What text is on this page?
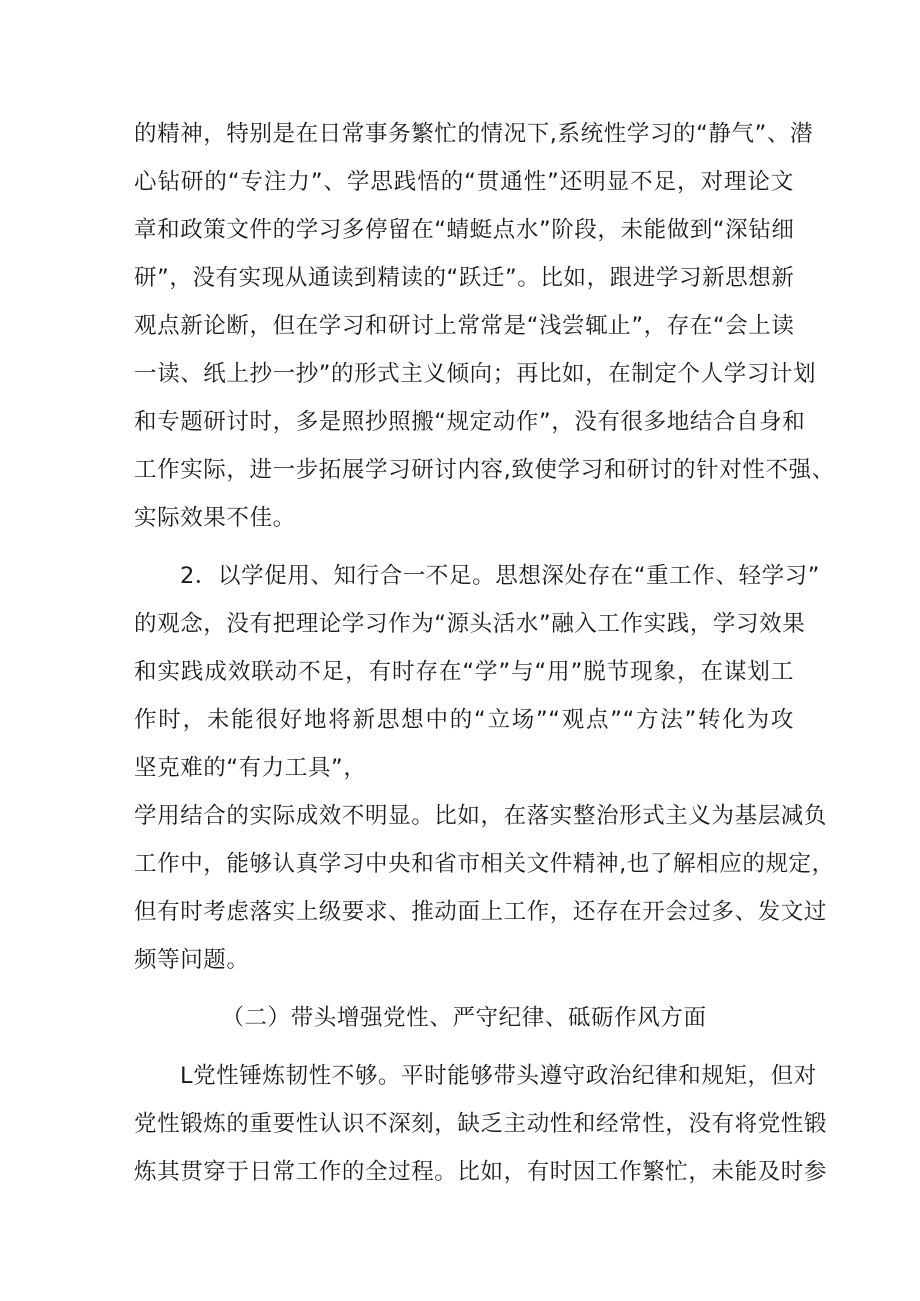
的精神，特别是在日常事务繁忙的情况下,系统性学习的“静气”、潜
心钻研的“专注力”、学思践悟的“贯通性”还明显不足，对理论文
章和政策文件的学习多停留在“蜻蜓点水”阶段，未能做到“深钻细
研”，没有实现从通读到精读的“跃迁”。比如，跟进学习新思想新
观点新论断，但在学习和研讨上常常是“浅尝辄止”，存在“会上读
一读、纸上抄一抄”的形式主义倾向；再比如，在制定个人学习计划
和专题研讨时，多是照抄照搬“规定动作”，没有很多地结合自身和
工作实际，进一步拓展学习研讨内容,致使学习和研讨的针对性不强、
实际效果不佳。
2．以学促用、知行合一不足。思想深处存在“重工作、轻学习”
的观念，没有把理论学习作为“源头活水”融入工作实践，学习效果
和实践成效联动不足，有时存在“学”与“用”脱节现象，在谋划工
作时，未能很好地将新思想中的“立场”“观点”“方法”转化为攻
坚克难的“有力工具”，
学用结合的实际成效不明显。比如，在落实整治形式主义为基层减负
工作中，能够认真学习中央和省市相关文件精神,也了解相应的规定，
但有时考虑落实上级要求、推动面上工作，还存在开会过多、发文过
频等问题。
（二）带头增强党性、严守纪律、砥砺作风方面
L党性锤炼韧性不够。平时能够带头遵守政治纪律和规矩，但对
党性锻炼的重要性认识不深刻，缺乏主动性和经常性，没有将党性锻
炼其贯穿于日常工作的全过程。比如，有时因工作繁忙，未能及时参
